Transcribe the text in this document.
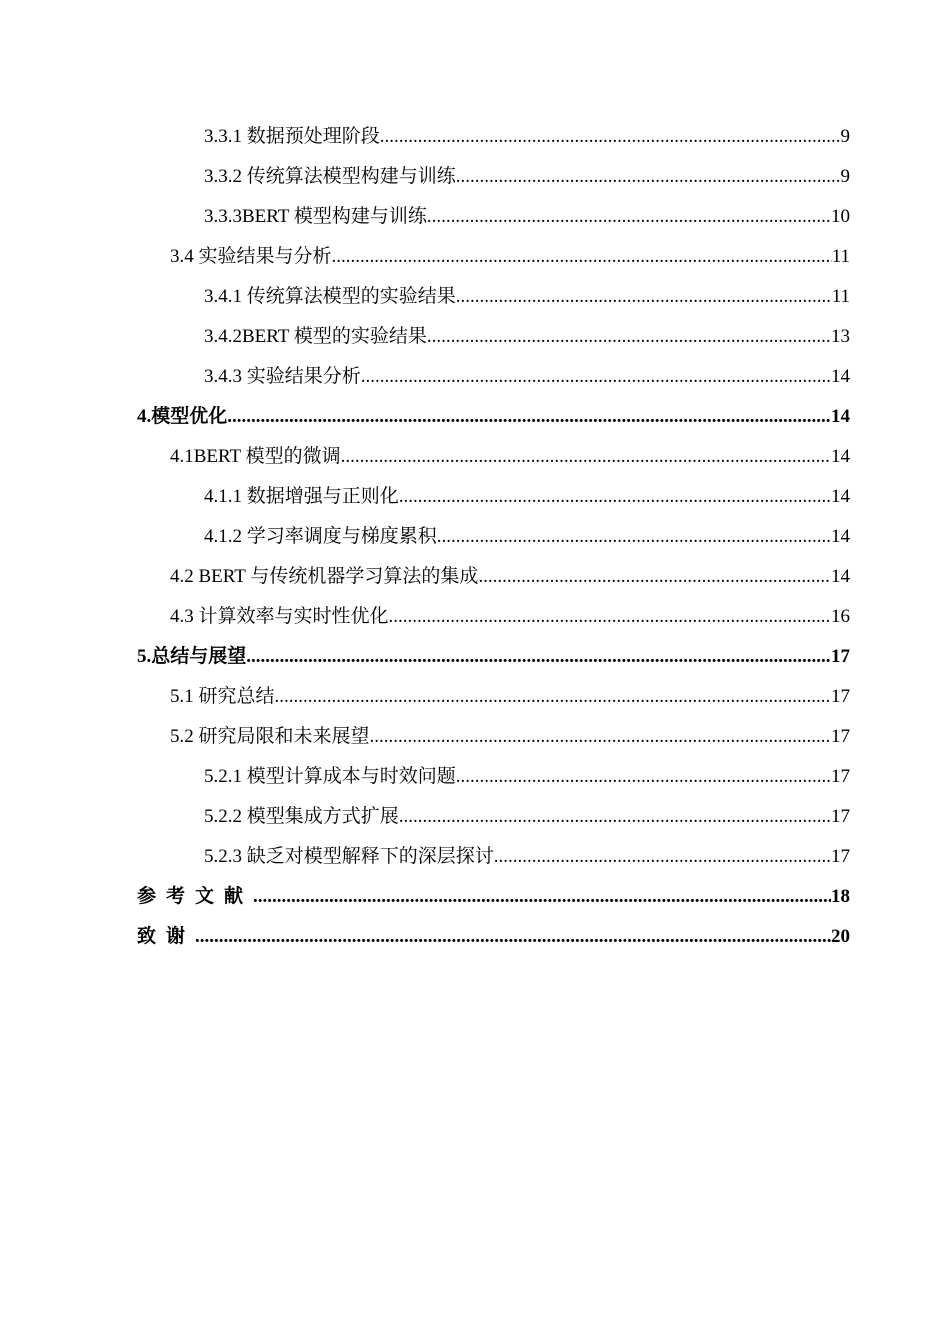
3.3.1 数据预处理阶段 .....	9
3.3.2 传统算法模型构建与训练 .....	9
3.3.3BERT 模型构建与训练 .....	10
3.4 实验结果与分析 .....	11
3.4.1 传统算法模型的实验结果 .....	11
3.4.2BERT 模型的实验结果 .....	13
3.4.3 实验结果分析 .....	14
4.模型优化 .....	14
4.1BERT 模型的微调 .....	14
4.1.1 数据增强与正则化 .....	14
4.1.2 学习率调度与梯度累积 .....	14
4.2 BERT 与传统机器学习算法的集成 .....	14
4.3 计算效率与实时性优化 .....	16
5.总结与展望 .....	17
5.1 研究总结 .....	17
5.2 研究局限和未来展望 .....	17
5.2.1 模型计算成本与时效问题 .....	17
5.2.2 模型集成方式扩展 .....	17
5.2.3 缺乏对模型解释下的深层探讨 .....	17
参考文献 .....	18
致谢 .....	20
